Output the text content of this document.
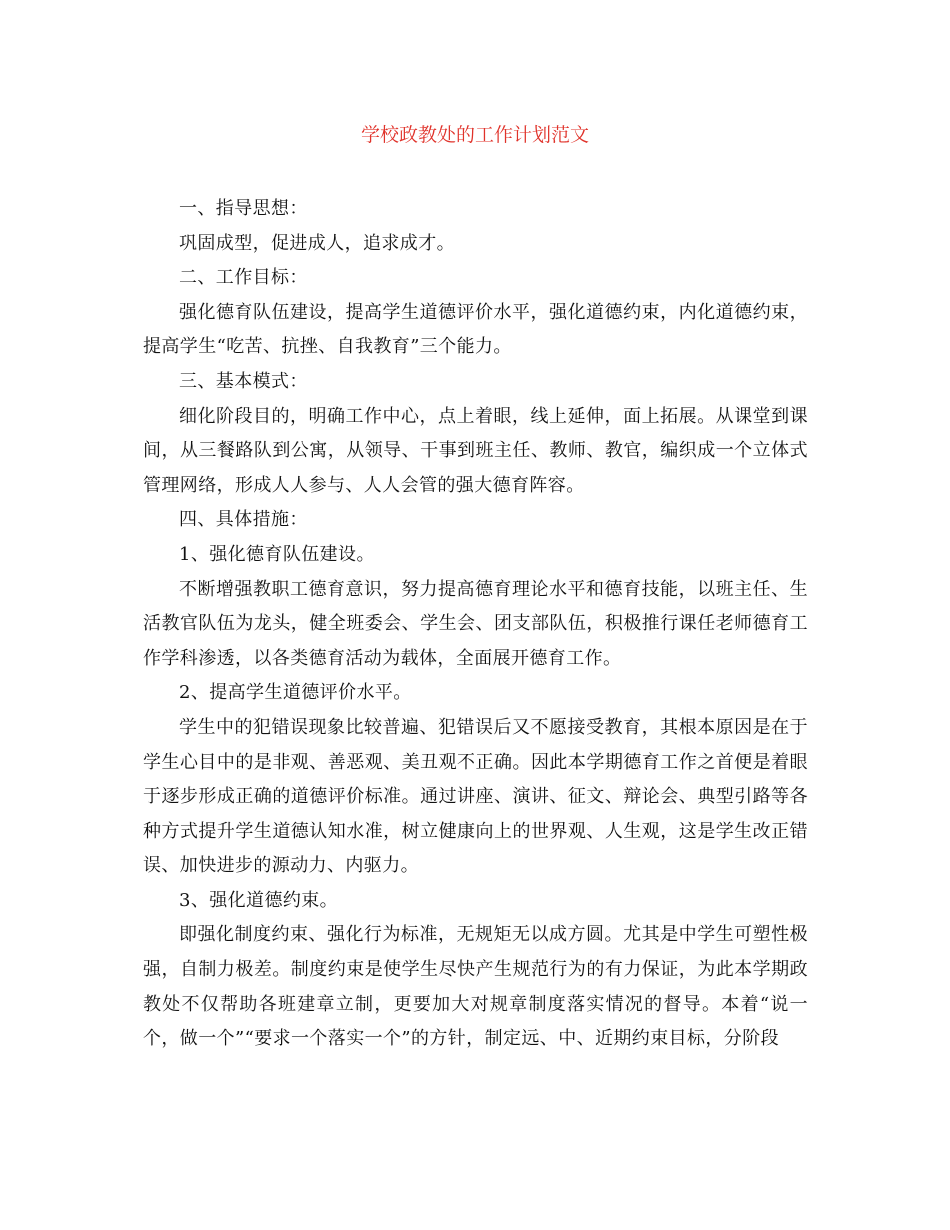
学校政教处的工作计划范文

一、指导思想：

巩固成型，促进成人，追求成才。

二、工作目标：

强化德育队伍建设，提高学生道德评价水平，强化道德约束，内化道德约束，提高学生“吃苦、抗挫、自我教育”三个能力。

三、基本模式：

细化阶段目的，明确工作中心，点上着眼，线上延伸，面上拓展。从课堂到课间，从三餐路队到公寓，从领导、干事到班主任、教师、教官，编织成一个立体式管理网络，形成人人参与、人人会管的强大德育阵容。

四、具体措施：

1、强化德育队伍建设。

不断增强教职工德育意识，努力提高德育理论水平和德育技能，以班主任、生活教官队伍为龙头，健全班委会、学生会、团支部队伍，积极推行课任老师德育工作学科渗透，以各类德育活动为载体，全面展开德育工作。

2、提高学生道德评价水平。

学生中的犯错误现象比较普遍、犯错误后又不愿接受教育，其根本原因是在于学生心目中的是非观、善恶观、美丑观不正确。因此本学期德育工作之首便是着眼于逐步形成正确的道德评价标准。通过讲座、演讲、征文、辩论会、典型引路等各种方式提升学生道德认知水准，树立健康向上的世界观、人生观，这是学生改正错误、加快进步的源动力、内驱力。

3、强化道德约束。

即强化制度约束、强化行为标准，无规矩无以成方圆。尤其是中学生可塑性极强，自制力极差。制度约束是使学生尽快产生规范行为的有力保证，为此本学期政教处不仅帮助各班建章立制，更要加大对规章制度落实情况的督导。本着“说一个，做一个”“要求一个落实一个”的方针，制定远、中、近期约束目标，分阶段
